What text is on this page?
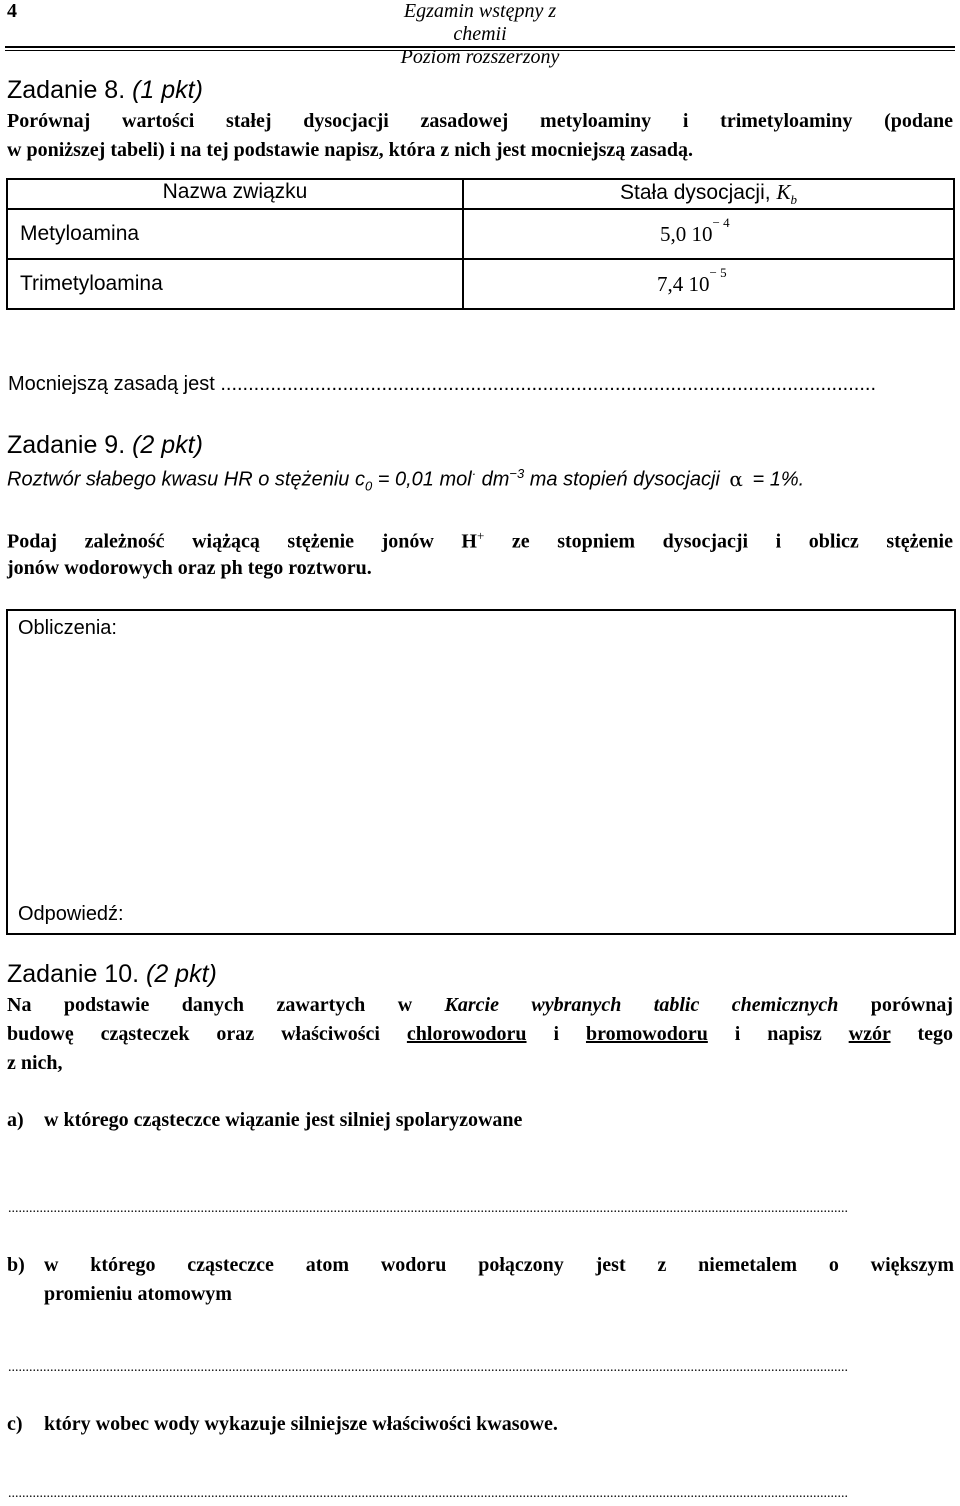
4	Egzamin wstępny z chemii
Poziom rozszerzony
Zadanie 8. (1 pkt)
Porównaj wartości stałej dysocjacji zasadowej metyloaminy i trimetyloaminy (podane
w poniższej tabeli) i na tej podstawie napisz, która z nich jest mocniejszą zasadą.
Nazwa związku	Stała dysocjacji, $K_b$
Metyloamina	5,0 $10^{- 4}$
Trimetyloamina	7,4 $10^{- 5}$
Mocniejszą zasadą jest ......................................................................................................................
Zadanie 9. (2 pkt)
Roztwór słabego kwasu HR o stężeniu $c_0 = 0,01$ mol· $dm^{-3}$ ma stopień dysocjacji α = 1%.
Podaj zależność wiążącą stężenie jonów H+ ze stopniem dysocjacji i oblicz stężenie
jonów wodorowych oraz ph tego roztworu.
Obliczenia:
Odpowiedź:
Zadanie 10. (2 pkt)
Na podstawie danych zawartych w Karcie wybranych tablic chemicznych porównaj
budowę cząsteczek oraz właściwości chlorowodoru i bromowodoru i napisz wzór tego
z nich,
a) w którego cząsteczce wiązanie jest silniej spolaryzowane
................................................................................................................................................................................................................................................
b) w którego cząsteczce atom wodoru połączony jest z niemetalem o większym
promieniu atomowym
................................................................................................................................................................................................................................................
c) który wobec wody wykazuje silniejsze właściwości kwasowe.
................................................................................................................................................................................................................................................
